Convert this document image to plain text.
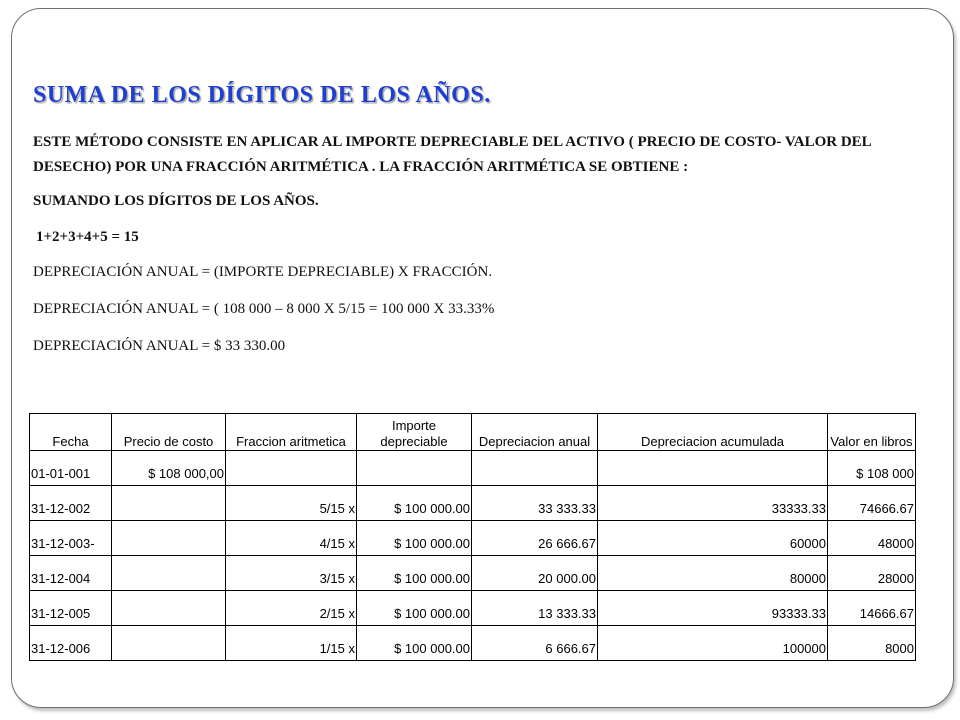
SUMA DE LOS DÍGITOS DE LOS AÑOS.

ESTE MÉTODO CONSISTE EN APLICAR AL IMPORTE DEPRECIABLE DEL ACTIVO ( PRECIO DE COSTO- VALOR DEL DESECHO) POR UNA FRACCIÓN ARITMÉTICA . LA FRACCIÓN ARITMÉTICA SE OBTIENE :

SUMANDO LOS DÍGITOS DE LOS AÑOS.

1+2+3+4+5 = 15

DEPRECIACIÓN ANUAL = (IMPORTE DEPRECIABLE) X FRACCIÓN.

DEPRECIACIÓN ANUAL = ( 108 000 – 8 000 X 5/15 = 100 000 X 33.33%

DEPRECIACIÓN ANUAL = $ 33 330.00

Fecha	Precio de costo	Fraccion aritmetica	Importe depreciable	Depreciacion anual	Depreciacion acumulada	Valor en libros
01-01-001	$ 108 000,00					$ 108 000
31-12-002		5/15 x	$ 100 000.00	33 333.33	33333.33	74666.67
31-12-003-		4/15 x	$ 100 000.00	26 666.67	60000	48000
31-12-004		3/15 x	$ 100 000.00	20 000.00	80000	28000
31-12-005		2/15 x	$ 100 000.00	13 333.33	93333.33	14666.67
31-12-006		1/15 x	$ 100 000.00	6 666.67	100000	8000
